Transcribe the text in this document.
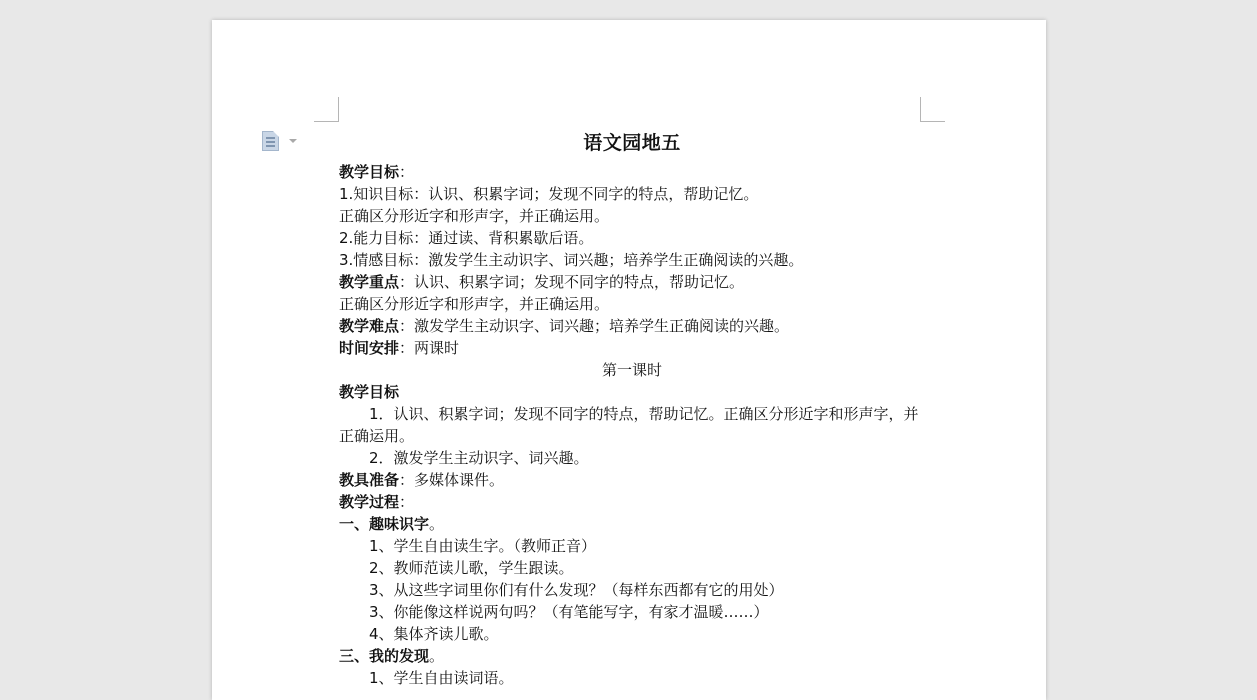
语文园地五

教学目标：

1.知识目标：认识、积累字词；发现不同字的特点，帮助记忆。

正确区分形近字和形声字，并正确运用。

2.能力目标：通过读、背积累歇后语。

3.情感目标：激发学生主动识字、词兴趣；培养学生正确阅读的兴趣。

教学重点：认识、积累字词；发现不同字的特点，帮助记忆。

正确区分形近字和形声字，并正确运用。

教学难点：激发学生主动识字、词兴趣；培养学生正确阅读的兴趣。

时间安排：两课时

第一课时

教学目标

1．认识、积累字词；发现不同字的特点，帮助记忆。正确区分形近字和形声字，并正确运用。

2．激发学生主动识字、词兴趣。

教具准备：多媒体课件。

教学过程：

一、趣味识字。

1、学生自由读生字。（教师正音）

2、教师范读儿歌，学生跟读。

3、从这些字词里你们有什么发现？（每样东西都有它的用处）

3、你能像这样说两句吗？（有笔能写字，有家才温暖……）

4、集体齐读儿歌。

三、我的发现。

1、学生自由读词语。
